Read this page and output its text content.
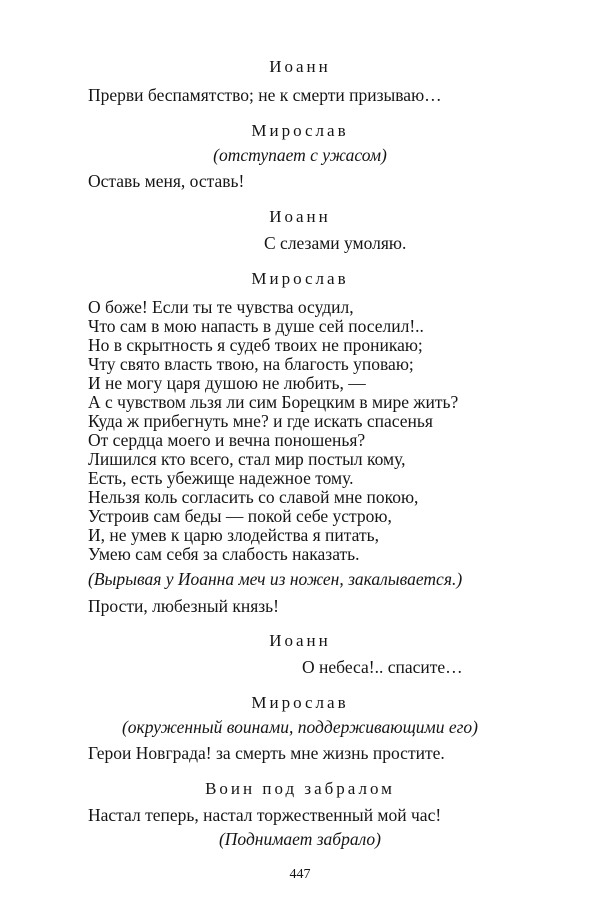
Иоанн
Прерви беспамятство; не к смерти призываю…
Мирослав
(отступает с ужасом)
Оставь меня, оставь!
Иоанн
С слезами умоляю.
Мирослав
О боже! Если ты те чувства осудил,
Что сам в мою напасть в душе сей поселил!..
Но в скрытность я судеб твоих не проникаю;
Чту свято власть твою, на благость уповаю;
И не могу царя душою не любить, —
А с чувством льзя ли сим Борецким в мире жить?
Куда ж прибегнуть мне? и где искать спасенья
От сердца моего и вечна поношенья?
Лишился кто всего, стал мир постыл кому,
Есть, есть убежище надежное тому.
Нельзя коль согласить со славой мне покою,
Устроив сам беды — покой себе устрою,
И, не умев к царю злодейства я питать,
Умею сам себя за слабость наказать.
(Вырывая у Иоанна меч из ножен, закалывается.)
Прости, любезный князь!
Иоанн
О небеса!.. спасите…
Мирослав
(окруженный воинами, поддерживающими его)
Герои Новграда! за смерть мне жизнь простите.
Воин под забралом
Настал теперь, настал торжественный мой час!
(Поднимает забрало)
447
